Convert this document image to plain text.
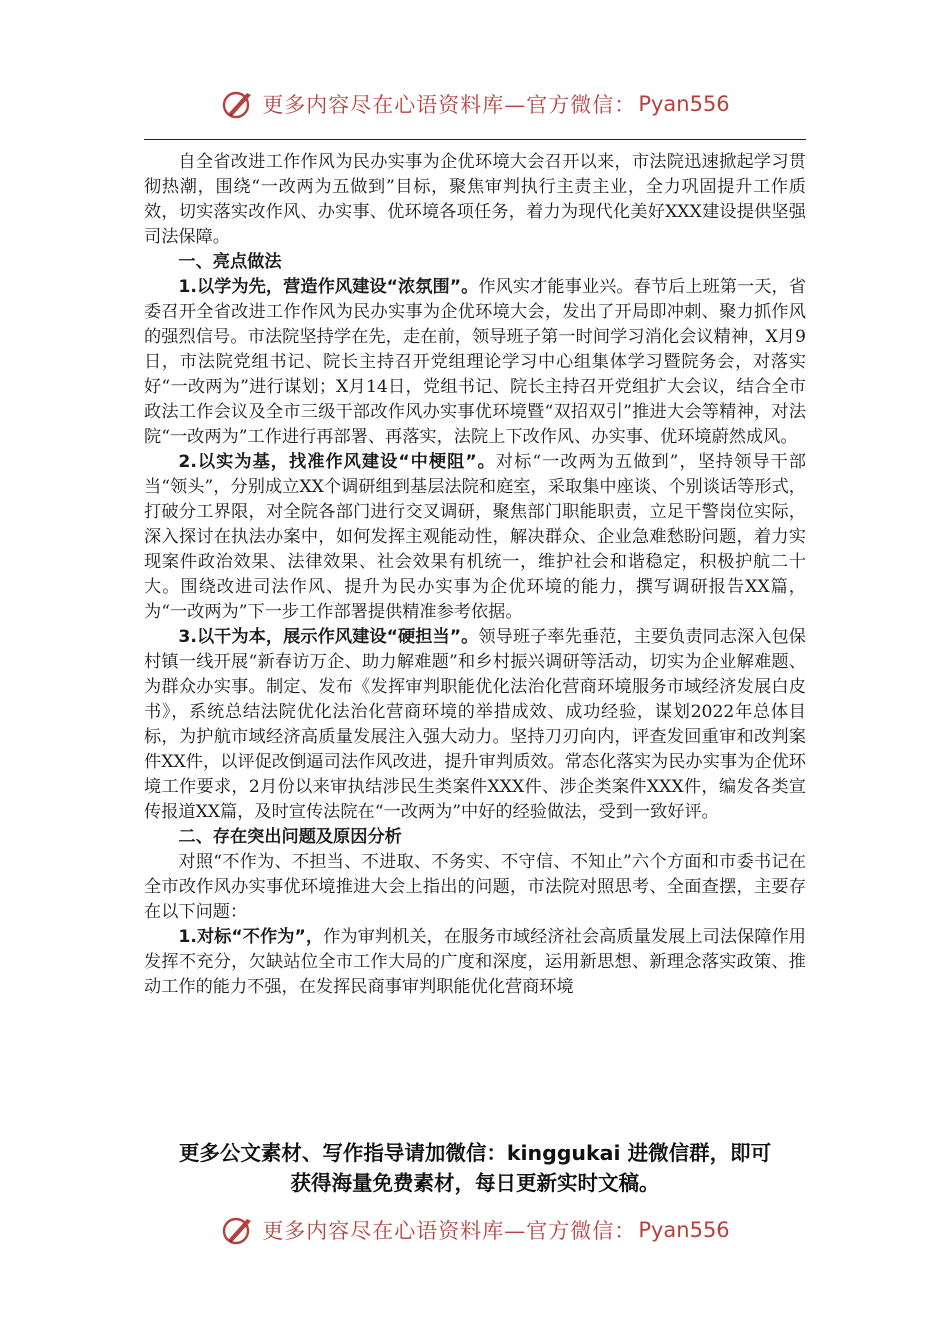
更多内容尽在心语资料库—官方微信： Pyan556

自全省改进工作作风为民办实事为企优环境大会召开以来，市法院迅速掀起学习贯彻热潮，围绕“一改两为五做到”目标，聚焦审判执行主责主业，全力巩固提升工作质效，切实落实改作风、办实事、优环境各项任务，着力为现代化美好XXX建设提供坚强司法保障。

一、亮点做法

1.以学为先，营造作风建设“浓氛围”。作风实才能事业兴。春节后上班第一天，省委召开全省改进工作作风为民办实事为企优环境大会，发出了开局即冲刺、聚力抓作风的强烈信号。市法院坚持学在先，走在前，领导班子第一时间学习消化会议精神，X月9日，市法院党组书记、院长主持召开党组理论学习中心组集体学习暨院务会，对落实好“一改两为”进行谋划；X月14日，党组书记、院长主持召开党组扩大会议，结合全市政法工作会议及全市三级干部改作风办实事优环境暨“双招双引”推进大会等精神，对法院“一改两为”工作进行再部署、再落实，法院上下改作风、办实事、优环境蔚然成风。

2.以实为基，找准作风建设“中梗阻”。对标“一改两为五做到”，坚持领导干部当“领头”，分别成立XX个调研组到基层法院和庭室，采取集中座谈、个别谈话等形式，打破分工界限，对全院各部门进行交叉调研，聚焦部门职能职责，立足干警岗位实际，深入探讨在执法办案中，如何发挥主观能动性，解决群众、企业急难愁盼问题，着力实现案件政治效果、法律效果、社会效果有机统一，维护社会和谐稳定，积极护航二十大。围绕改进司法作风、提升为民办实事为企优环境的能力，撰写调研报告XX篇，为“一改两为”下一步工作部署提供精准参考依据。

3.以干为本，展示作风建设“硬担当”。领导班子率先垂范，主要负责同志深入包保村镇一线开展“新春访万企、助力解难题”和乡村振兴调研等活动，切实为企业解难题、为群众办实事。制定、发布《发挥审判职能优化法治化营商环境服务市域经济发展白皮书》，系统总结法院优化法治化营商环境的举措成效、成功经验，谋划2022年总体目标，为护航市域经济高质量发展注入强大动力。坚持刀刃向内，评查发回重审和改判案件XX件，以评促改倒逼司法作风改进，提升审判质效。常态化落实为民办实事为企优环境工作要求，2月份以来审执结涉民生类案件XXX件、涉企类案件XXX件，编发各类宣传报道XX篇，及时宣传法院在“一改两为”中好的经验做法，受到一致好评。

二、存在突出问题及原因分析

对照“不作为、不担当、不进取、不务实、不守信、不知止”六个方面和市委书记在全市改作风办实事优环境推进大会上指出的问题，市法院对照思考、全面查摆，主要存在以下问题：

1.对标“不作为”，作为审判机关，在服务市域经济社会高质量发展上司法保障作用发挥不充分，欠缺站位全市工作大局的广度和深度，运用新思想、新理念落实政策、推动工作的能力不强，在发挥民商事审判职能优化营商环境

更多公文素材、写作指导请加微信：kinggukai 进微信群，即可
获得海量免费素材，每日更新实时文稿。
更多内容尽在心语资料库—官方微信： Pyan556
